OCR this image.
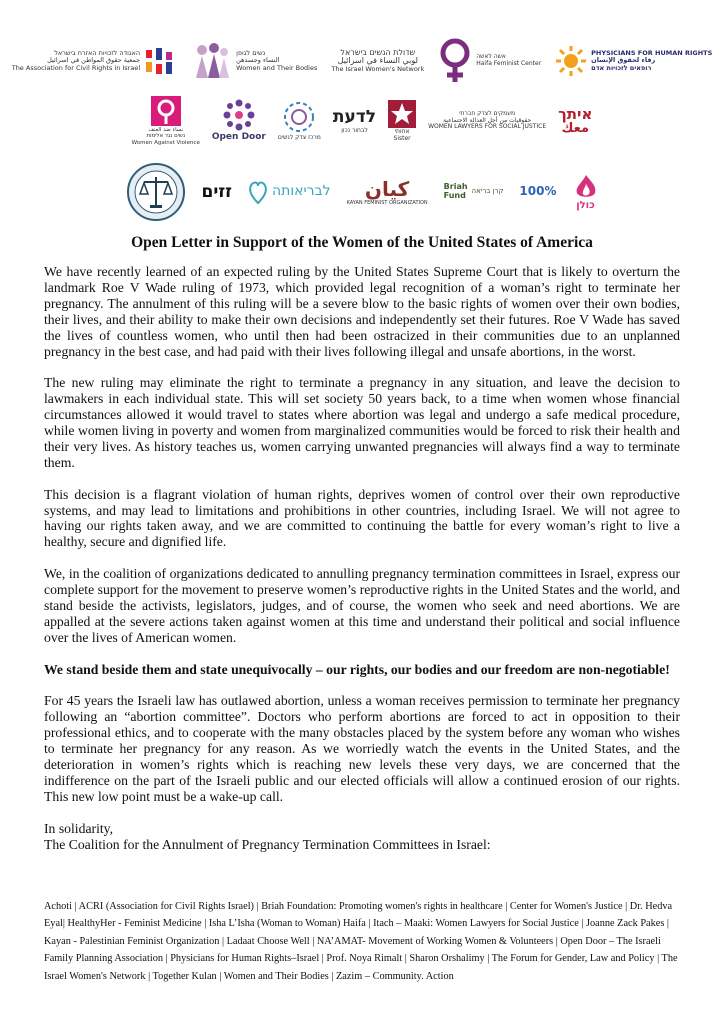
האגודה לזכויות האזרח בישראל
جمعية حقوق المواطن في اسرائيل
The Association for Civil Rights in Israel
נשים לגופן
النساء وجسدهن
Women and Their Bodies
שדולת הנשים בישראל
لوبي النساء في اسرائيل
The Israel Women's Network
אשה לאשה
Haifa Feminist Center
PHYSICIANS FOR HUMAN RIGHTS
رفاء لحقوق الإنسان
רופאים לזכויות אדם
نساء ضد العنف
נשים נגד אלימות
Women Against Violence
Open Door מרכז צדק לנשים
לדעת
לבחור נכון	אחותי
Sister
מעמקים לצדק חברתי
حقوقيات من أجل العدالة الاجتماعية
WOMEN LAWYERS FOR SOCIAL JUSTICE
איתך
معك
זזים	לבריאותה كيان
KAYAN FEMINIST ORGANIZATION
Briah
Fund קרן בריאה 100%
כולן
Open Letter in Support of the Women of the United States of America

We have recently learned of an expected ruling by the United States Supreme Court that is likely to overturn the landmark Roe V Wade ruling of 1973, which provided legal recognition of a woman’s right to terminate her pregnancy. The annulment of this ruling will be a severe blow to the basic rights of women over their own bodies, their lives, and their ability to make their own decisions and independently set their futures. Roe V Wade has saved the lives of countless women, who until then had been ostracized in their communities due to an unplanned pregnancy in the best case, and had paid with their lives following illegal and unsafe abortions, in the worst.

The new ruling may eliminate the right to terminate a pregnancy in any situation, and leave the decision to lawmakers in each individual state. This will set society 50 years back, to a time when women whose financial circumstances allowed it would travel to states where abortion was legal and undergo a safe medical procedure, while women living in poverty and women from marginalized communities would be forced to risk their health and their very lives. As history teaches us, women carrying unwanted pregnancies will always find a way to terminate them.

This decision is a flagrant violation of human rights, deprives women of control over their own reproductive systems, and may lead to limitations and prohibitions in other countries, including Israel. We will not agree to having our rights taken away, and we are committed to continuing the battle for every woman’s right to live a healthy, secure and dignified life.

We, in the coalition of organizations dedicated to annulling pregnancy termination committees in Israel, express our complete support for the movement to preserve women’s reproductive rights in the United States and the world, and stand beside the activists, legislators, judges, and of course, the women who seek and need abortions. We are appalled at the severe actions taken against women at this time and understand their political and social influence over the lives of American women.

We stand beside them and state unequivocally – our rights, our bodies and our freedom are non-negotiable!

For 45 years the Israeli law has outlawed abortion, unless a woman receives permission to terminate her pregnancy following an “abortion committee”. Doctors who perform abortions are forced to act in opposition to their professional ethics, and to cooperate with the many obstacles placed by the system before any woman who wishes to terminate her pregnancy for any reason. As we worriedly watch the events in the United States, and the deterioration in women’s rights which is reaching new levels these very days, we are concerned that the indifference on the part of the Israeli public and our elected officials will allow a continued erosion of our rights. This new low point must be a wake-up call.

In solidarity,

The Coalition for the Annulment of Pregnancy Termination Committees in Israel:

Achoti | ACRI (Association for Civil Rights Israel) | Briah Foundation: Promoting women's rights in healthcare | Center for Women's Justice | Dr. Hedva Eyal| HealthyHer - Feminist Medicine | Isha L’Isha (Woman to Woman) Haifa | Itach – Maaki: Women Lawyers for Social Justice | Joanne Zack Pakes | Kayan - Palestinian Feminist Organization | Ladaat Choose Well | NA’AMAT- Movement of Working Women & Volunteers | Open Door – The Israeli Family Planning Association | Physicians for Human Rights–Israel | Prof. Noya Rimalt | Sharon Orshalimy | The Forum for Gender, Law and Policy | The Israel Women's Network | Together Kulan | Women and Their Bodies | Zazim – Community. Action
